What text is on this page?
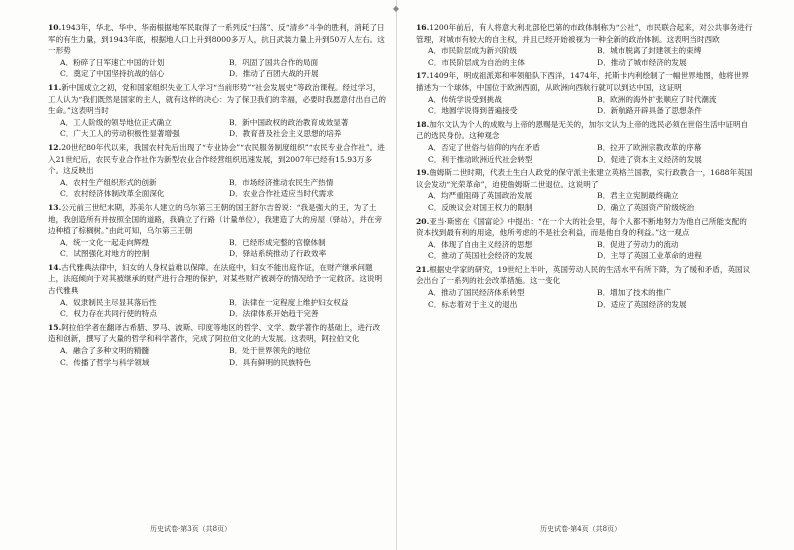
◆
10.1943年，华北、华中、华南根据地军民取得了一系列反“扫荡”、反“清乡”斗争的胜利，消耗了日军的有生力量，到1943年底，根据地人口上升到8000多万人，抗日武装力量上升到50万人左右。这一形势
A．粉碎了日军速亡中国的计划	B．巩固了国共合作的局面
C．奠定了中国坚持抗战的信心	D．推动了百团大战的开展
11.新中国成立之初，党和国家组织失业工人学习“当前形势”“社会发展史”等政治课程。经过学习，工人认为“我们既然是国家的主人，就有这样的决心：为了保卫我们的幸福，必要时我愿意付出自己的生命。”这表明当时
A．工人阶级的领导地位正式确立	B．新中国政权的政治教育成效显著
C．广大工人的劳动积极性显著增强	D．教育普及社会主义思想的培养
12.20世纪80年代以来，我国农村先后出现了“专业协会”“农民服务制度组织”“农民专业合作社”。进入21世纪后，农民专业合作社作为新型农业合作经营组织迅速发展，到2007年已经有15.93万多个。这反映出
A．农村生产组织形式的创新	B．市场经济推动农民生产热情
C．农村经济体制改革全面深化	D．农业合作社适应当时代需求
13.公元前三世纪末期，苏美尔人建立的乌尔第三王朝的国王舒尔吉曾说：“我是强大的王，为了土地，我创造所有并按照全国的道路，我确立了行路（计量单位），我建造了大的房屋（驿站），并在旁边种植了棕榈树。”由此可知，乌尔第三王朝
A．统一文化一起走向辉煌	B．已经形成完整的官僚体制
C．试图强化对地方的控制	D．驿站系统推动了行政效率
14.古代雅典法律中，妇女的人身权益难以保障。在法庭中，妇女不能出庭作证，在财产继承问题上，法庭倾向于对其被继承的财产进行合理的保护，对某些财产被剥夺的情况给予一定救济。这说明古代雅典
A．奴隶制民主尽显其落后性	B．法律在一定程度上维护妇女权益
C．权力存在共同行使的特点	D．法律体系开始趋于完善
15.阿拉伯学者在翻译古希腊、罗马、波斯、印度等地区的哲学、文学、数学著作的基础上，进行改造和创新，撰写了大量的哲学和科学著作，完成了阿拉伯文化的大发展。这表明，阿拉伯文化
A．融合了多种文明的精髓	B．处于世界领先的地位
C．传播了哲学与科学领域	D．具有鲜明的民族特色
16.1200年前后，有人将意大利北部伦巴第的市政体制称为“公社”，市民联合起来，对公共事务进行管理，对城市有较大的自主权，并且已经开始被视为一种全新的政治体制。这表明当时西欧
A．市民阶层成为新兴阶级	B．城市脱离了封建领主的束缚
C．市民阶层成为自治的主体	D．推动了城市经济的发展
17.1409年，明成祖派郑和率领船队下西洋，1474年，托斯卡内利绘制了一幅世界地图，他将世界描述为一个球体，中国位于欧洲西面，从欧洲向西航行就可以到达中国，这证明
A．传统学说受到挑战	B．欧洲的海外扩张顺应了时代潮流
C．地圆学说得到普遍接受	D．新航路开辟具备了思想条件
18.加尔文认为个人的成败与上帝的恩赐是无关的，加尔文认为上帝的选民必须在世俗生活中证明自己的选民身份。这种观念
A．否定了世俗与信仰的内在矛盾	B．拉开了欧洲宗教改革的序幕
C．利于推动欧洲近代社会转型	D．促进了资本主义经济的发展
19.詹姆斯二世时期，代表土生白人政党的保守派主张建立英格兰国教，实行政教合一，1688年英国议会发动“光荣革命”，迫使詹姆斯二世退位。这说明了
A．均严重阻碍了英国政治发展	B．君主立宪制最终确立
C．反映议会对国王权力的限制	D．确立了英国资产阶级统治
20.亚当·斯密在《国富论》中提出：“在一个大的社会里，每个人都不断地努力为他自己所能支配的资本找到最有利的用途，他所考虑的不是社会利益，而是他自身的利益。”这一观点
A．体现了自由主义经济的思想	B．促进了劳动力的流动
C．推动了英国社会经济的发展	D．主导了英国工业革命的进程
21.根据史学家的研究，19世纪上半叶，英国劳动人民的生活水平有所下降，为了缓和矛盾，英国议会出台了一系列的社会改革措施。这一变化
A．推动了国民经济体系转型	B．增加了技术的推广
C．标志着对于主义的退出	D．适应了英国经济的发展
历史试卷·第3页（共8页）	历史试卷·第4页（共8页）
